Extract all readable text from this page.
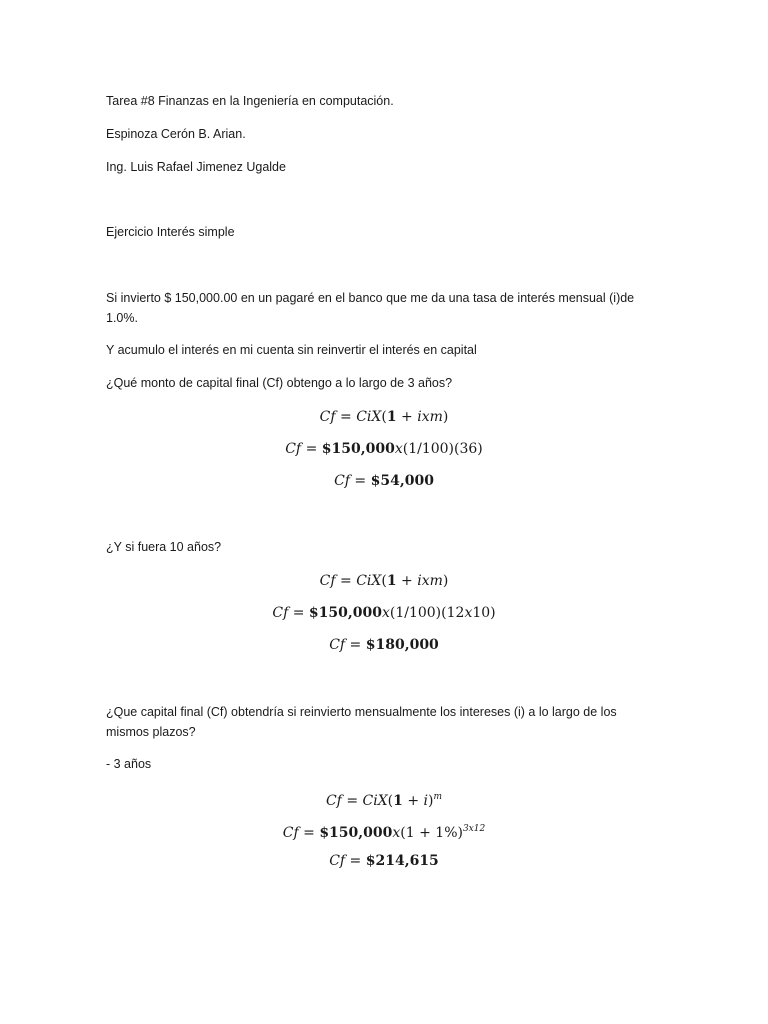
Tarea #8 Finanzas en la Ingeniería en computación.
Espinoza Cerón B. Arian.
Ing. Luis Rafael Jimenez Ugalde
Ejercicio Interés simple
Si invierto $ 150,000.00 en un pagaré en el banco que me da una tasa de interés mensual (i)de 1.0%.
Y acumulo el interés en mi cuenta sin reinvertir el interés en capital
¿Qué monto de capital final (Cf) obtengo a lo largo de 3 años?
Cf = CiX(1 + ixm)
Cf = $150,000x(1/100)(36)
Cf = $54,000
¿Y si fuera 10 años?
Cf = CiX(1 + ixm)
Cf = $150,000x(1/100)(12x10)
Cf = $180,000
¿Que capital final (Cf) obtendría si reinvierto mensualmente los intereses (i) a lo largo de los mismos plazos?
- 3 años
$Cf = CiX(1 + i)^m$
Cf = $150,000x(1 + 1%)$^{3x12}$
Cf = $214,615
